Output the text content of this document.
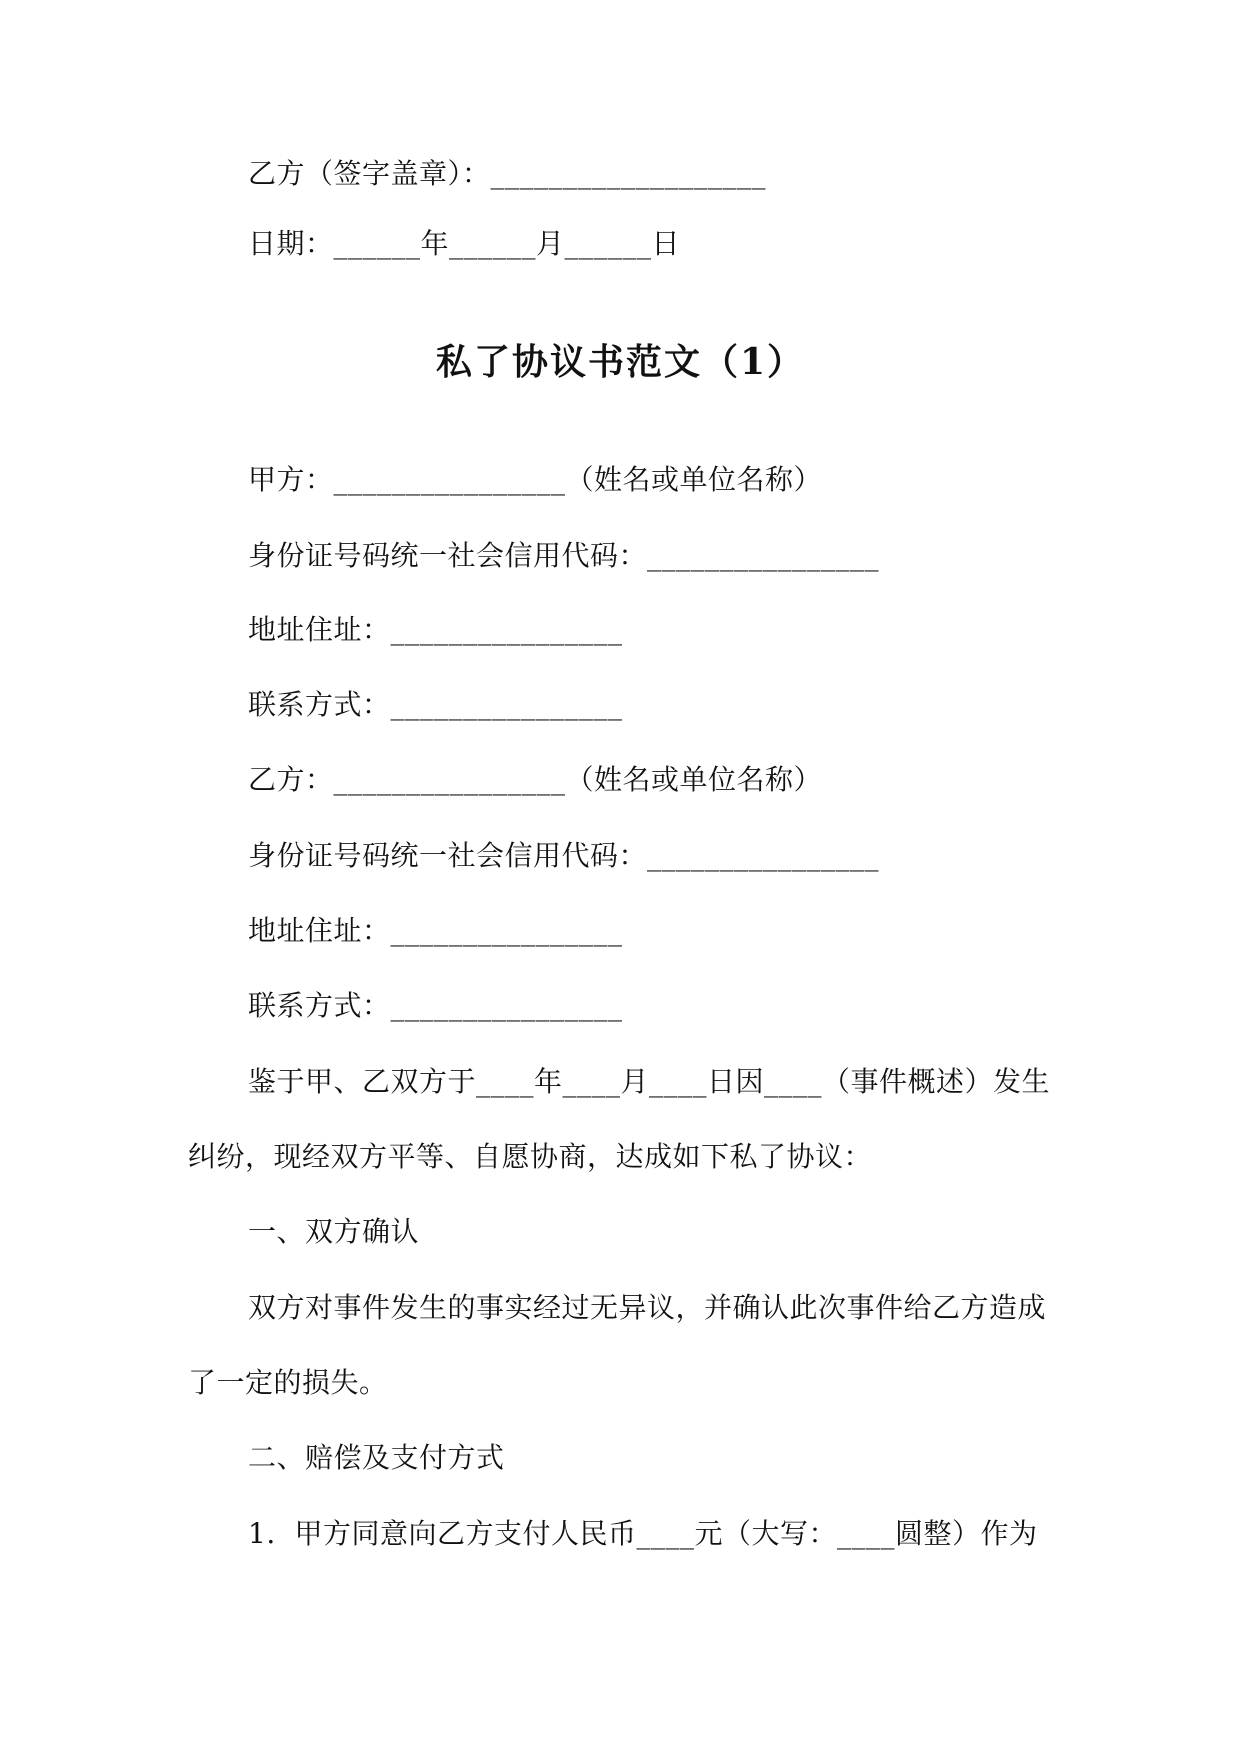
乙方（签字盖章）：___________________
日期：______年______月______日
私了协议书范文（1）
甲方：________________（姓名或单位名称）
身份证号码统一社会信用代码：________________
地址住址：________________
联系方式：________________
乙方：________________（姓名或单位名称）
身份证号码统一社会信用代码：________________
地址住址：________________
联系方式：________________
鉴于甲、乙双方于____年____月____日因____（事件概述）发生
纠纷，现经双方平等、自愿协商，达成如下私了协议：
一、双方确认
双方对事件发生的事实经过无异议，并确认此次事件给乙方造成
了一定的损失。
二、赔偿及支付方式
1.  甲方同意向乙方支付人民币____元（大写：____圆整）作为
